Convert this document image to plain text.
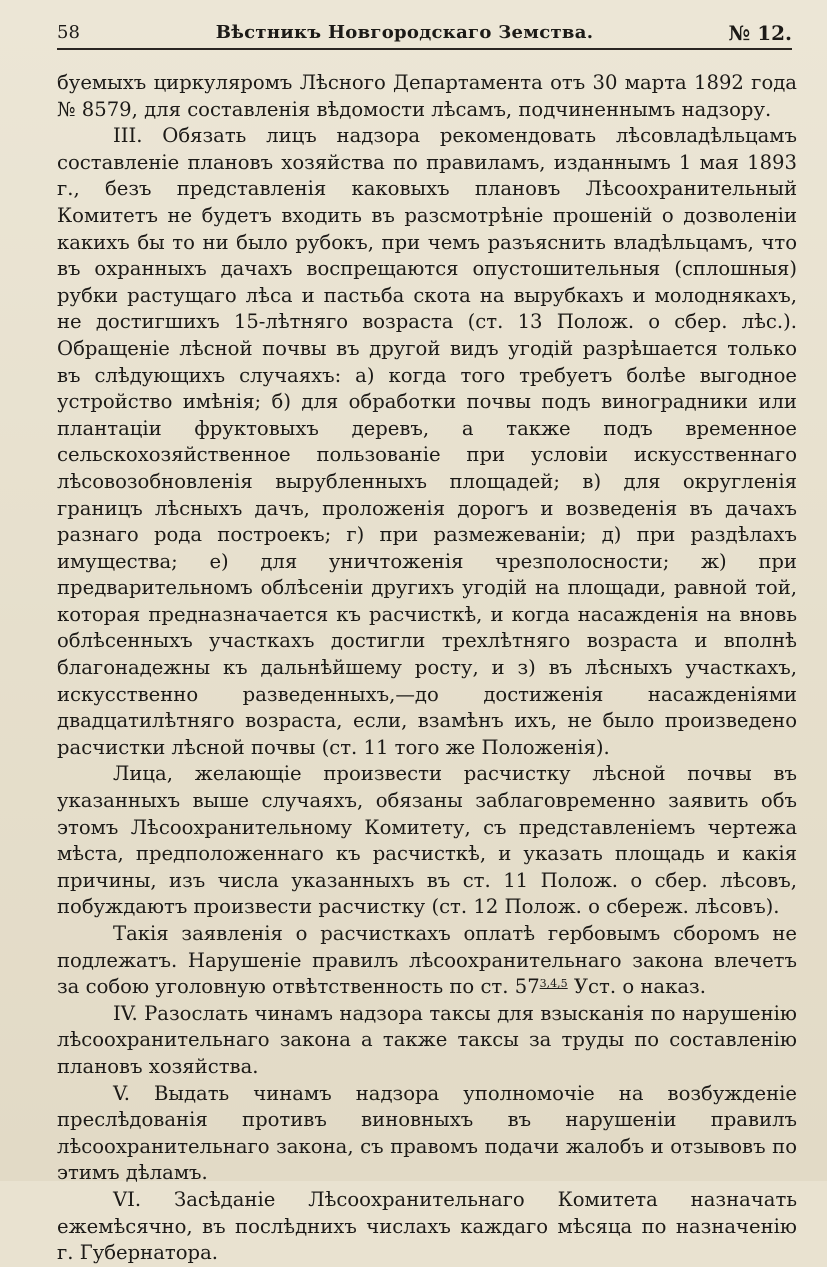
58	Вѣстникъ Новгородскаго Земства.	№ 12.

буемыхъ циркуляромъ Лѣсного Департамента отъ 30 марта 1892 года № 8579, для составленія вѣдомости лѣсамъ, подчиненнымъ надзору.

III. Обязать лицъ надзора рекомендовать лѣсовладѣльцамъ составленіе плановъ хозяйства по правиламъ, изданнымъ 1 мая 1893 г., безъ представленія каковыхъ плановъ Лѣсоохранительный Комитетъ не будетъ входить въ разсмотрѣніе прошеній о дозволеніи какихъ бы то ни было рубокъ, при чемъ разъяснить владѣльцамъ, что въ охранныхъ дачахъ воспрещаются опустошительныя (сплошныя) рубки растущаго лѣса и пастьба скота на вырубкахъ и молоднякахъ, не достигшихъ 15-лѣтняго возраста (ст. 13 Полож. о сбер. лѣс.). Обращеніе лѣсной почвы въ другой видъ угодій разрѣшается только въ слѣдующихъ случаяхъ: а) когда того требуетъ болѣе выгодное устройство имѣнія; б) для обработки почвы подъ виноградники или плантаціи фруктовыхъ деревъ, а также подъ временное сельскохозяйственное пользованіе при условіи искусственнаго лѣсовозобновленія вырубленныхъ площадей; в) для округленія границъ лѣсныхъ дачъ, проложенія дорогъ и возведенія въ дачахъ разнаго рода построекъ; г) при размежеваніи; д) при раздѣлахъ имущества; е) для уничтоженія чрезполосности; ж) при предварительномъ облѣсеніи другихъ угодій на площади, равной той, которая предназначается къ расчисткѣ, и когда насажденія на вновь облѣсенныхъ участкахъ достигли трехлѣтняго возраста и вполнѣ благонадежны къ дальнѣйшему росту, и з) въ лѣсныхъ участкахъ, искусственно разведенныхъ,—до достиженія насажденіями двадцатилѣтняго возраста, если, взамѣнъ ихъ, не было произведено расчистки лѣсной почвы (ст. 11 того же Положенія).

Лица, желающіе произвести расчистку лѣсной почвы въ указанныхъ выше случаяхъ, обязаны заблаговременно заявить объ этомъ Лѣсоохранительному Комитету, съ представленіемъ чертежа мѣста, предположеннаго къ расчисткѣ, и указать площадь и какія причины, изъ числа указанныхъ въ ст. 11 Полож. о сбер. лѣсовъ, побуждаютъ произвести расчистку (ст. 12 Полож. о сбереж. лѣсовъ).

Такія заявленія о расчисткахъ оплатѣ гербовымъ сборомъ не подлежатъ. Нарушеніе правилъ лѣсоохранительнаго закона влечетъ за собою уголовную отвѣтственность по ст. 57$^{3,4,5}$ Уст. о наказ.

IV. Разослать чинамъ надзора таксы для взысканія по нарушенію лѣсоохранительнаго закона а также таксы за труды по составленію плановъ хозяйства.

V. Выдать чинамъ надзора уполномочіе на возбужденіе преслѣдованія противъ виновныхъ въ нарушеніи правилъ лѣсоохранительнаго закона, съ правомъ подачи жалобъ и отзывовъ по этимъ дѣламъ.

VI. Засѣданіе Лѣсоохранительнаго Комитета назначать ежемѣсячно, въ послѣднихъ числахъ каждаго мѣсяца по назначенію г. Губернатора.
